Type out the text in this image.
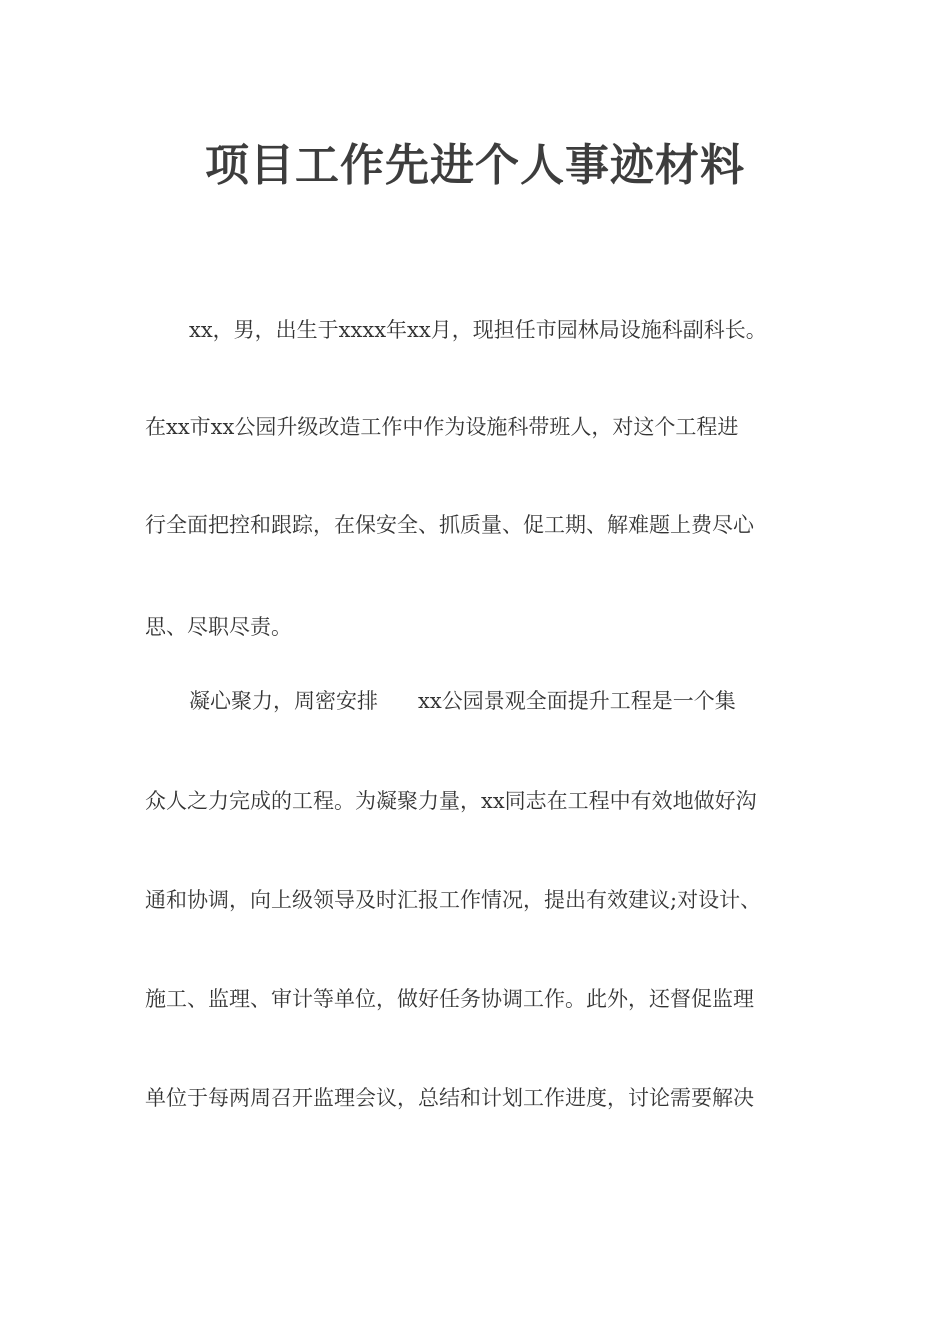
项目工作先进个人事迹材料
xx，男，出生于xxxx年xx月，现担任市园林局设施科副科长。
在xx市xx公园升级改造工作中作为设施科带班人，对这个工程进
行全面把控和跟踪，在保安全、抓质量、促工期、解难题上费尽心
思、尽职尽责。
凝心聚力，周密安排      xx公园景观全面提升工程是一个集
众人之力完成的工程。为凝聚力量，xx同志在工程中有效地做好沟
通和协调，向上级领导及时汇报工作情况，提出有效建议;对设计、
施工、监理、审计等单位，做好任务协调工作。此外，还督促监理
单位于每两周召开监理会议，总结和计划工作进度，讨论需要解决
